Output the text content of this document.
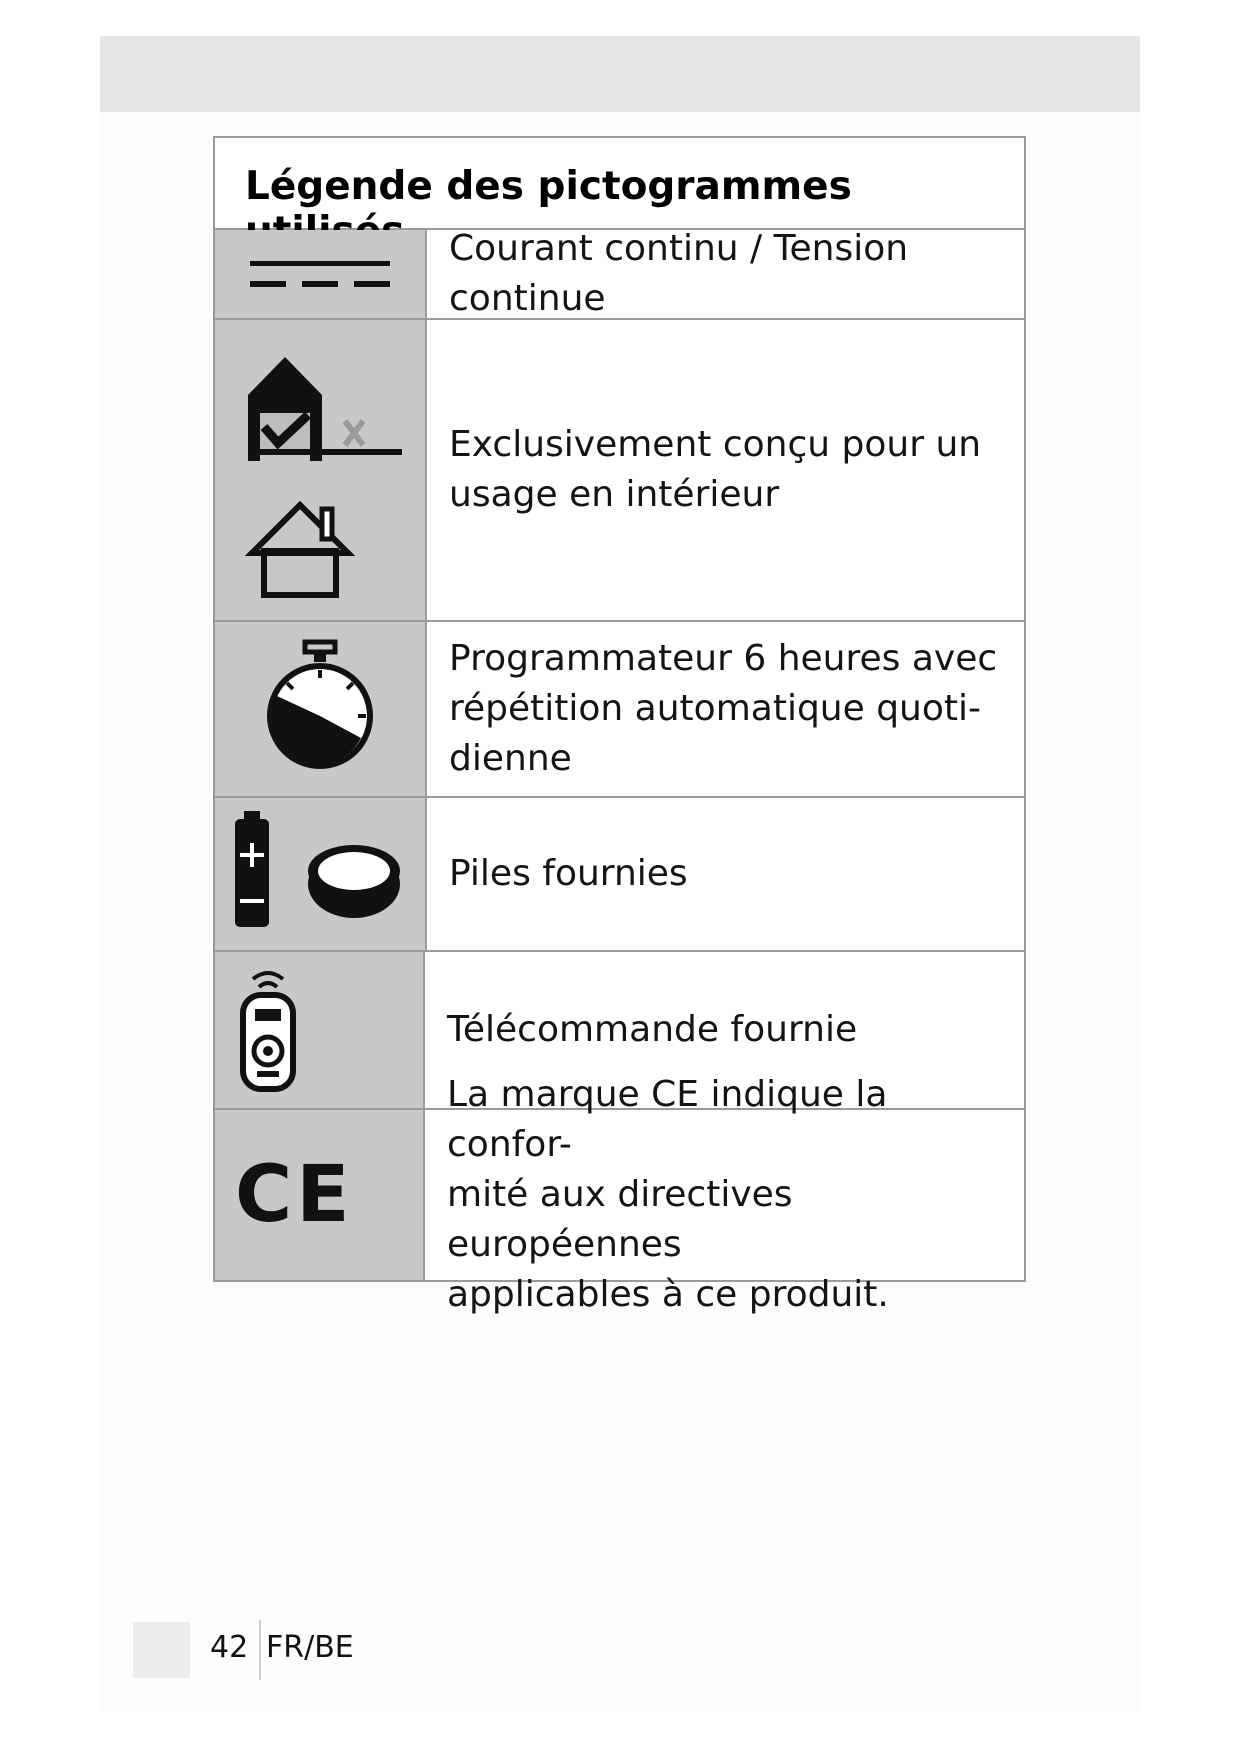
Légende des pictogrammes
Courant continu / Tension continue
Exclusivement conçu pour un
usage en intérieur
Programmateur 6 heures avec
répétition automatique quoti-
dienne
Piles fournies
Télécommande fournie
CE
La marque CE indique la confor-
mité aux directives européennes
applicables à ce produit.
42 FR/BE
